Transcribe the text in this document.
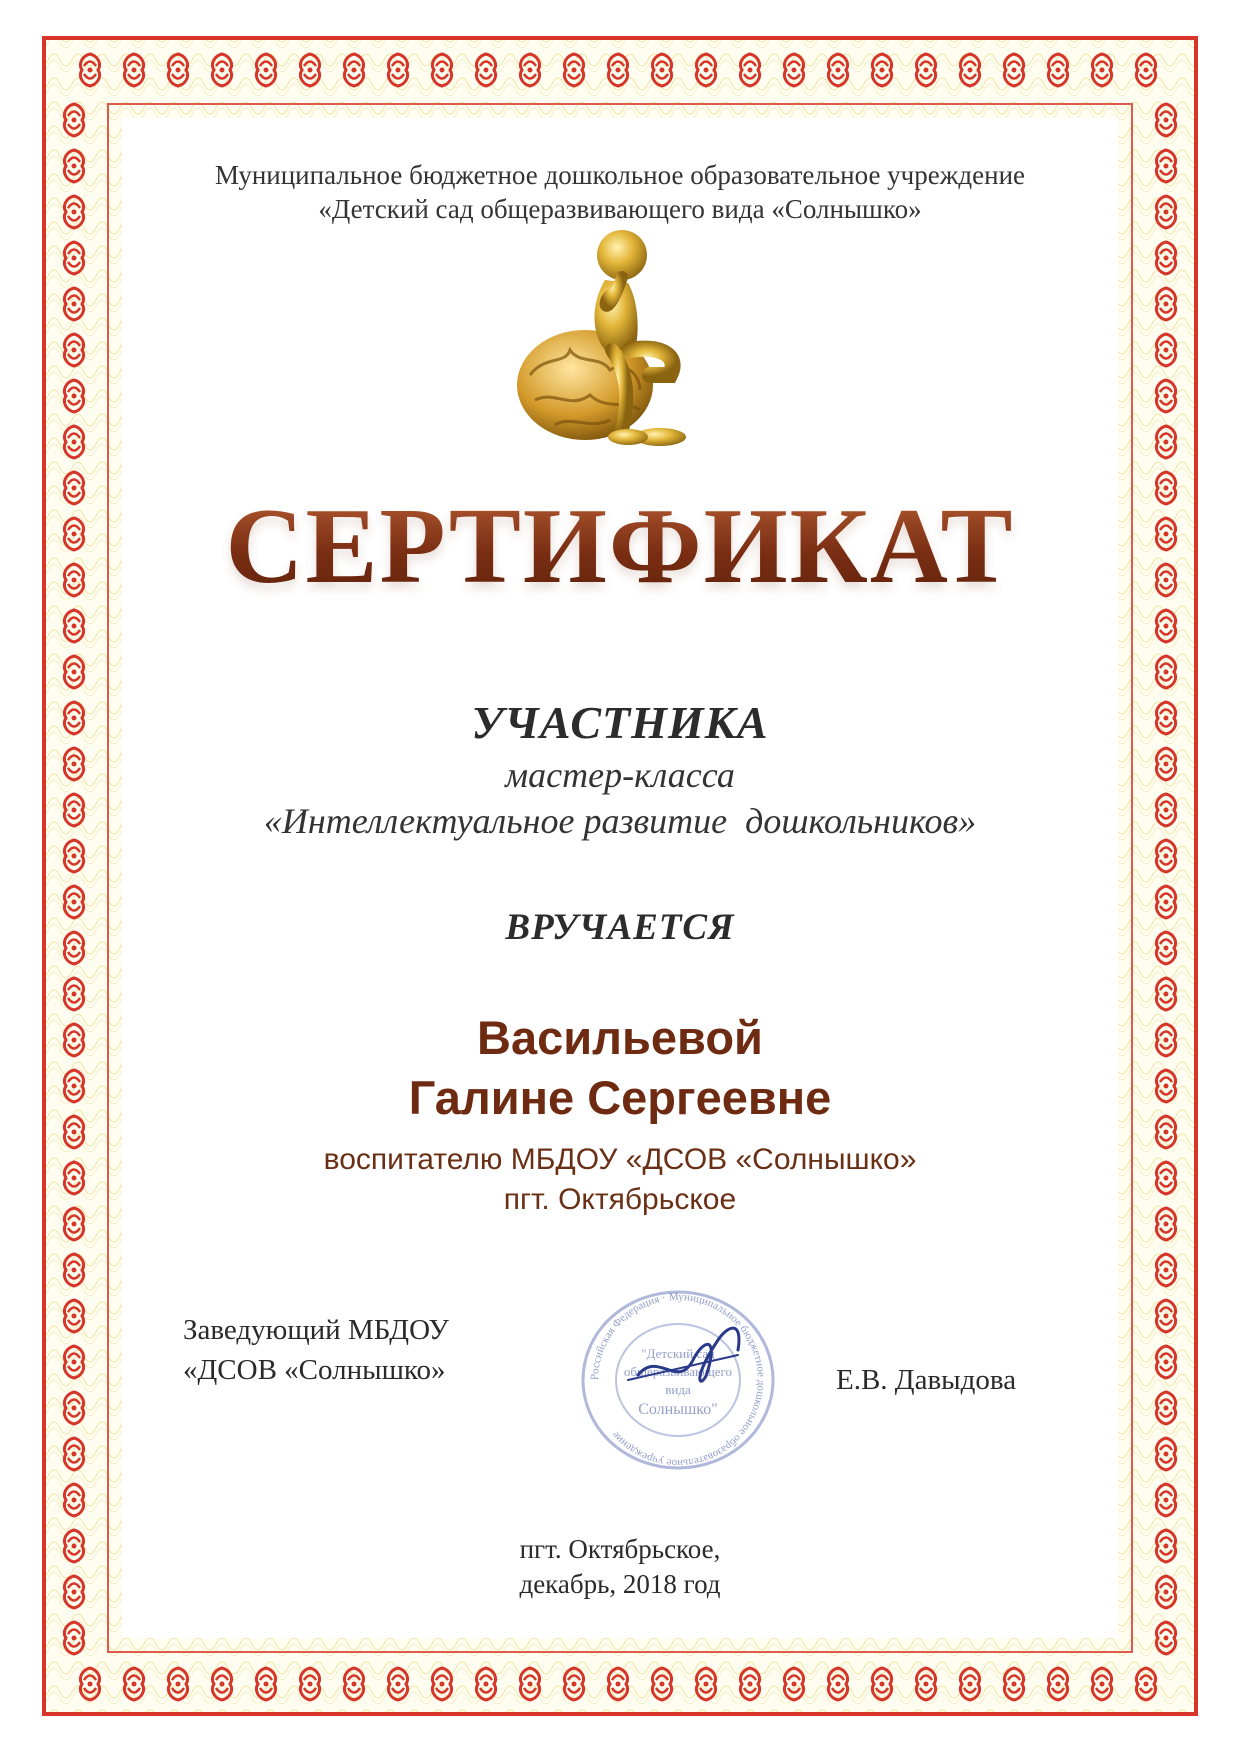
Муниципальное бюджетное дошкольное образовательное учреждение
«Детский сад общеразвивающего вида «Солнышко»
СЕРТИФИКАТ
УЧАСТНИКА
мастер-класса
«Интеллектуальное развитие  дошкольников»
ВРУЧАЕТСЯ
Васильевой
Галине Сергеевне
воспитателю МБДОУ «ДСОВ «Солнышко»
пгт. Октябрьское
Российская Федерация · Муниципальное бюджетное дошкольное образовательное учреждение
"Детский сад
общеразвивающего
вида
Солнышко"
Заведующий МБДОУ
«ДСОВ «Солнышко»	Е.В. Давыдова
пгт. Октябрьское,
декабрь, 2018 год
